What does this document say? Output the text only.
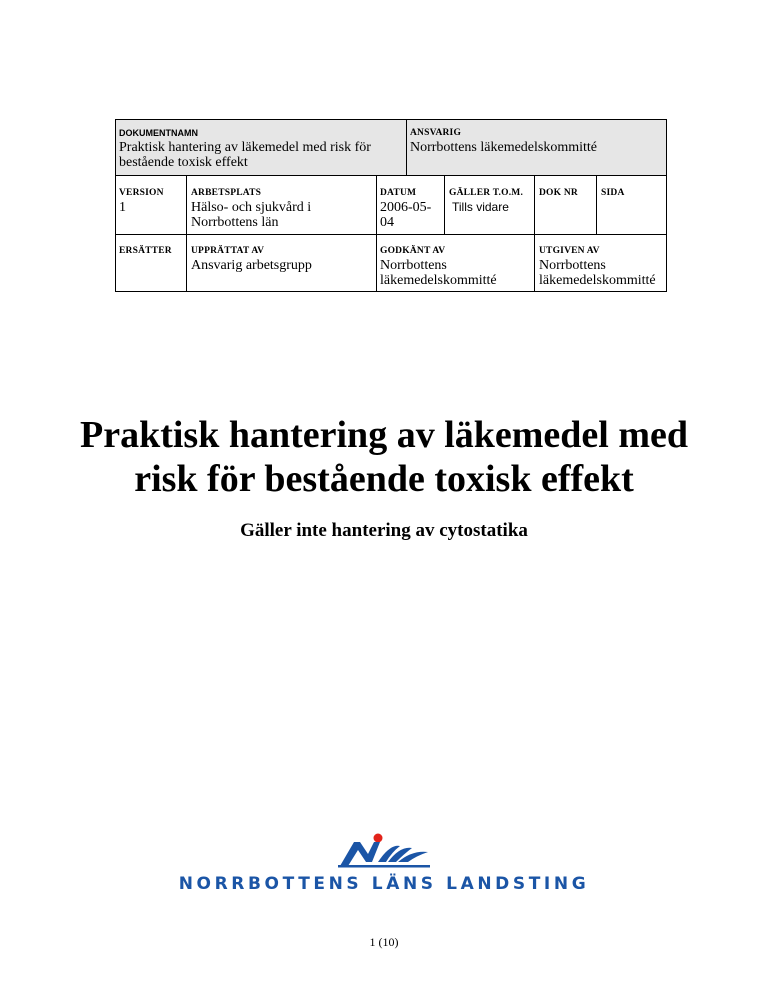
DOKUMENTNAMN
Praktisk hantering av läkemedel med risk för bestående toxisk effekt
ANSVARIG
Norrbottens läkemedelskommitté
VERSION
1
ARBETSPLATS
Hälso- och sjukvård i Norrbottens län
DATUM
2006-05-04
GÄLLER T.O.M.
Tills vidare
DOK NR	SIDA
ERSÄTTER	UPPRÄTTAT AV
Ansvarig arbetsgrupp
GODKÄNT AV
Norrbottens läkemedelskommitté
UTGIVEN AV
Norrbottens läkemedelskommitté
Praktisk hantering av läkemedel med
risk för bestående toxisk effekt
Gäller inte hantering av cytostatika
NORRBOTTENS LÄNS LANDSTING
1 (10)
